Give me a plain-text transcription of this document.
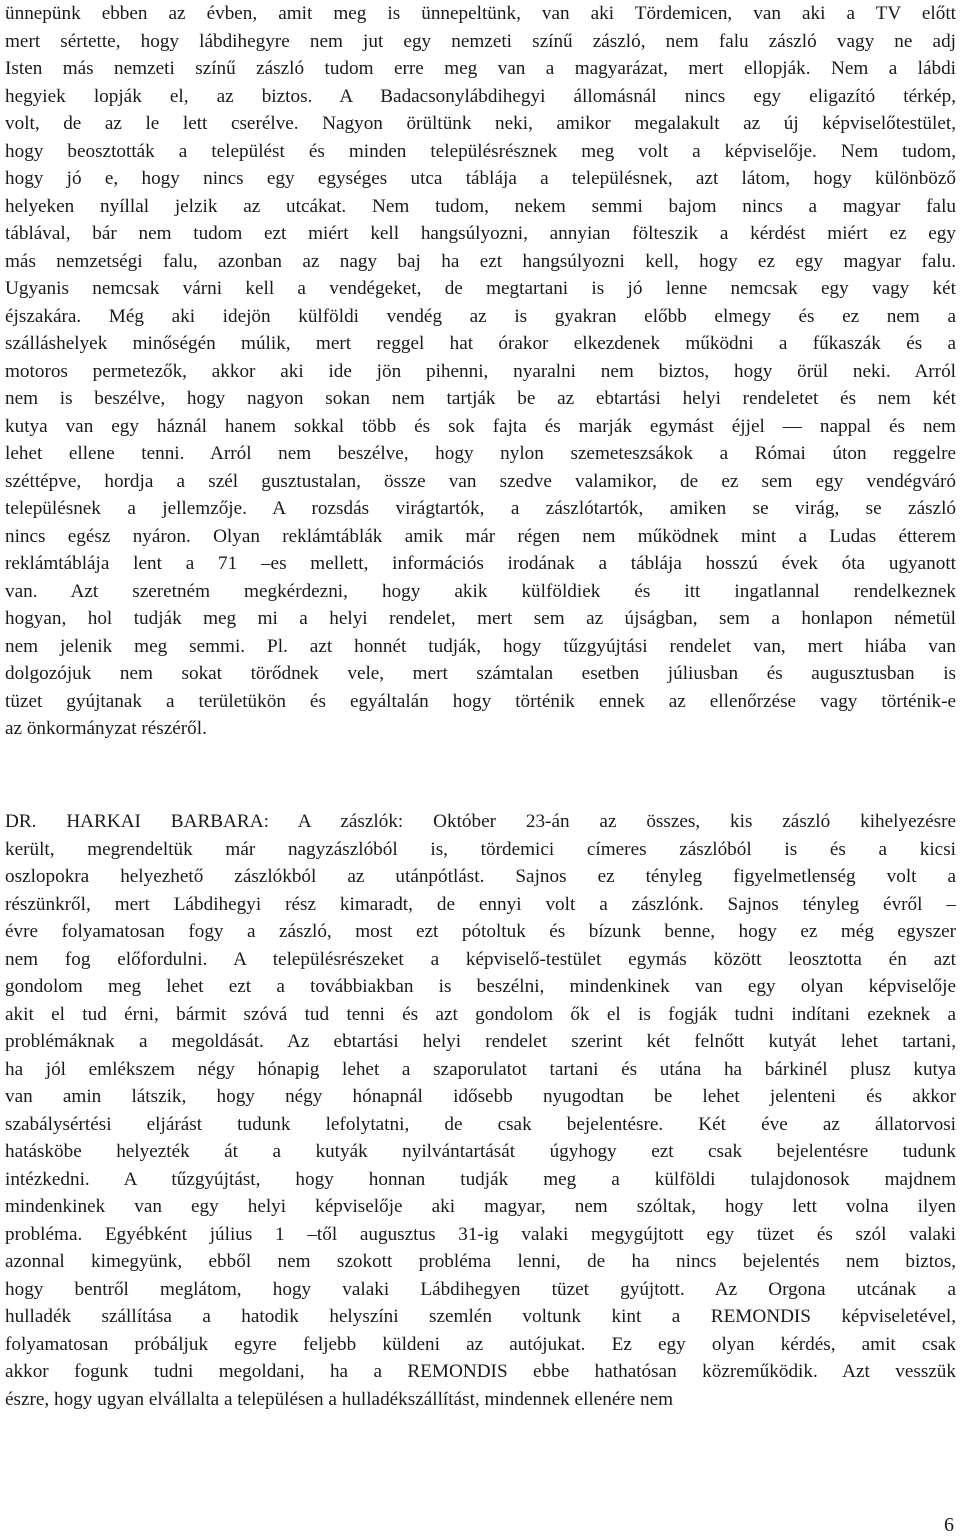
ünnepünk ebben az évben, amit meg is ünnepeltünk, van aki Tördemicen, van aki a TV előtt
mert sértette, hogy lábdihegyre nem jut egy nemzeti színű zászló, nem falu zászló vagy ne adj
Isten más nemzeti színű zászló tudom erre meg van a magyarázat, mert ellopják. Nem a lábdi
hegyiek lopják el, az biztos. A Badacsonylábdihegyi állomásnál nincs egy eligazító térkép,
volt, de az le lett cserélve. Nagyon örültünk neki, amikor megalakult az új képviselőtestület,
hogy beosztották a települést és minden településrésznek meg volt a képviselője. Nem tudom,
hogy jó e, hogy nincs egy egységes utca táblája a településnek, azt látom, hogy különböző
helyeken nyíllal jelzik az utcákat. Nem tudom, nekem semmi bajom nincs a magyar falu
táblával, bár nem tudom ezt miért kell hangsúlyozni, annyian fölteszik a kérdést miért ez egy
más nemzetségi falu, azonban az nagy baj ha ezt hangsúlyozni kell, hogy ez egy magyar falu.
Ugyanis nemcsak várni kell a vendégeket, de megtartani is jó lenne nemcsak egy vagy két
éjszakára. Még aki idejön külföldi vendég az is gyakran előbb elmegy és ez nem a
szálláshelyek minőségén múlik, mert reggel hat órakor elkezdenek működni a fűkaszák és a
motoros permetezők, akkor aki ide jön pihenni, nyaralni nem biztos, hogy örül neki. Arról
nem is beszélve, hogy nagyon sokan nem tartják be az ebtartási helyi rendeletet és nem két
kutya van egy háznál hanem sokkal több és sok fajta és marják egymást éjjel — nappal és nem
lehet ellene tenni. Arról nem beszélve, hogy nylon szemeteszsákok a Római úton reggelre
széttépve, hordja a szél gusztustalan, össze van szedve valamikor, de ez sem egy vendégváró
településnek a jellemzője. A rozsdás virágtartók, a zászlótartók, amiken se virág, se zászló
nincs egész nyáron. Olyan reklámtáblák amik már régen nem működnek mint a Ludas étterem
reklámtáblája lent a 71 –es mellett, információs irodának a táblája hosszú évek óta ugyanott
van. Azt szeretném megkérdezni, hogy akik külföldiek és itt ingatlannal rendelkeznek
hogyan, hol tudják meg mi a helyi rendelet, mert sem az újságban, sem a honlapon németül
nem jelenik meg semmi. Pl. azt honnét tudják, hogy tűzgyújtási rendelet van, mert hiába van
dolgozójuk nem sokat törődnek vele, mert számtalan esetben júliusban és augusztusban is
tüzet gyújtanak a területükön és egyáltalán hogy történik ennek az ellenőrzése vagy történik-e
az önkormányzat részéről.
DR. HARKAI BARBARA: A zászlók: Október 23-án az összes, kis zászló kihelyezésre
került, megrendeltük már nagyzászlóból is, tördemici címeres zászlóból is és a kicsi
oszlopokra helyezhető zászlókból az utánpótlást. Sajnos ez tényleg figyelmetlenség volt a
részünkről, mert Lábdihegyi rész kimaradt, de ennyi volt a zászlónk. Sajnos tényleg évről –
évre folyamatosan fogy a zászló, most ezt pótoltuk és bízunk benne, hogy ez még egyszer
nem fog előfordulni. A településrészeket a képviselő-testület egymás között leosztotta én azt
gondolom meg lehet ezt a továbbiakban is beszélni, mindenkinek van egy olyan képviselője
akit el tud érni, bármit szóvá tud tenni és azt gondolom ők el is fogják tudni indítani ezeknek a
problémáknak a megoldását. Az ebtartási helyi rendelet szerint két felnőtt kutyát lehet tartani,
ha jól emlékszem négy hónapig lehet a szaporulatot tartani és utána ha bárkinél plusz kutya
van amin látszik, hogy négy hónapnál idősebb nyugodtan be lehet jelenteni és akkor
szabálysértési eljárást tudunk lefolytatni, de csak bejelentésre. Két éve az állatorvosi
hatásköbe helyezték át a kutyák nyilvántartását úgyhogy ezt csak bejelentésre tudunk
intézkedni. A tűzgyújtást, hogy honnan tudják meg a külföldi tulajdonosok majdnem
mindenkinek van egy helyi képviselője aki magyar, nem szóltak, hogy lett volna ilyen
probléma. Egyébként július 1 –től augusztus 31-ig valaki megygújtott egy tüzet és szól valaki
azonnal kimegyünk, ebből nem szokott probléma lenni, de ha nincs bejelentés nem biztos,
hogy bentről meglátom, hogy valaki Lábdihegyen tüzet gyújtott. Az Orgona utcának a
hulladék szállítása a hatodik helyszíni szemlén voltunk kint a REMONDIS képviseletével,
folyamatosan próbáljuk egyre feljebb küldeni az autójukat. Ez egy olyan kérdés, amit csak
akkor fogunk tudni megoldani, ha a REMONDIS ebbe hathatósan közreműködik. Azt vesszük
észre, hogy ugyan elvállalta a településen a hulladékszállítást, mindennek ellenére nem

6
